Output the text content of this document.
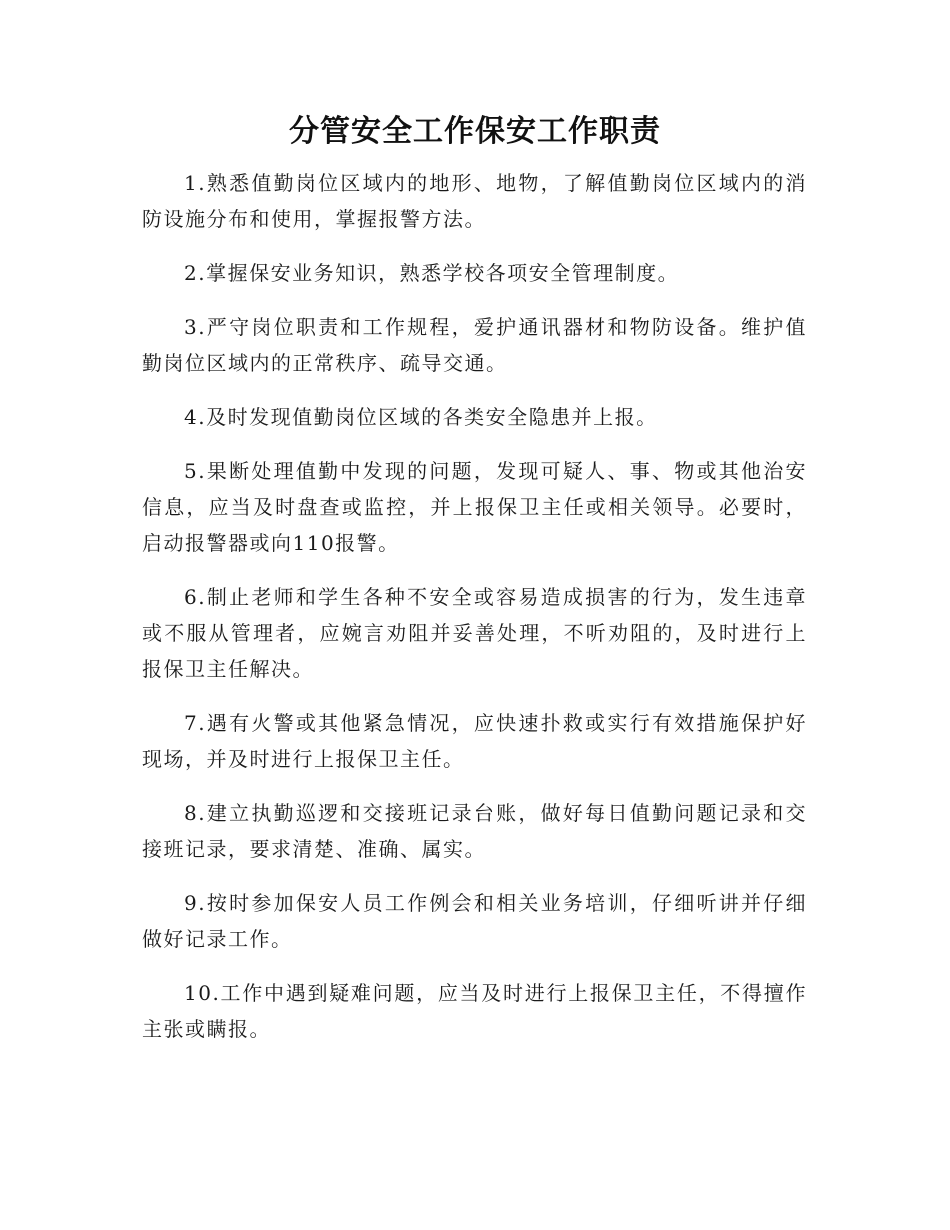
分管安全工作保安工作职责

1.熟悉值勤岗位区域内的地形、地物，了解值勤岗位区域内的消防设施分布和使用，掌握报警方法。

2.掌握保安业务知识，熟悉学校各项安全管理制度。

3.严守岗位职责和工作规程，爱护通讯器材和物防设备。维护值勤岗位区域内的正常秩序、疏导交通。

4.及时发现值勤岗位区域的各类安全隐患并上报。

5.果断处理值勤中发现的问题，发现可疑人、事、物或其他治安信息，应当及时盘查或监控，并上报保卫主任或相关领导。必要时，启动报警器或向110报警。

6.制止老师和学生各种不安全或容易造成损害的行为，发生违章或不服从管理者，应婉言劝阻并妥善处理，不听劝阻的，及时进行上报保卫主任解决。

7.遇有火警或其他紧急情况，应快速扑救或实行有效措施保护好现场，并及时进行上报保卫主任。

8.建立执勤巡逻和交接班记录台账，做好每日值勤问题记录和交接班记录，要求清楚、准确、属实。

9.按时参加保安人员工作例会和相关业务培训，仔细听讲并仔细做好记录工作。

10.工作中遇到疑难问题，应当及时进行上报保卫主任，不得擅作主张或瞒报。
